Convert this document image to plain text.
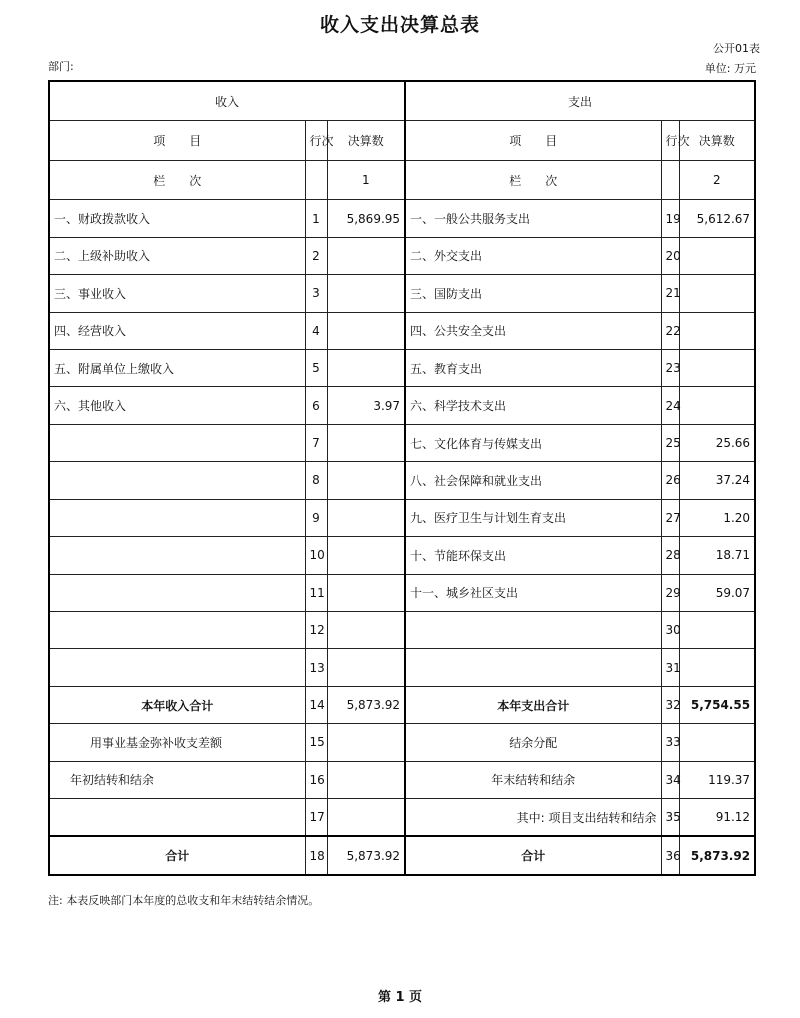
收入支出决算总表
公开01表
部门:	单位: 万元
收入			支出		
项　　目	行次	决算数	项　　目	行次	决算数
栏　　次		1	栏　　次		2
一、财政拨款收入	1	5,869.95	一、一般公共服务支出	19	5,612.67
二、上级补助收入	2		二、外交支出	20	
三、事业收入	3		三、国防支出	21	
四、经营收入	4		四、公共安全支出	22	
五、附属单位上缴收入	5		五、教育支出	23	
六、其他收入	6	3.97	六、科学技术支出	24	
	7		七、文化体育与传媒支出	25	25.66
	8		八、社会保障和就业支出	26	37.24
	9		九、医疗卫生与计划生育支出	27	1.20
	10		十、节能环保支出	28	18.71
	11		十一、城乡社区支出	29	59.07
	12			30	
	13			31	
本年收入合计	14	5,873.92	本年支出合计	32	5,754.55
用事业基金弥补收支差额	15		结余分配	33	
年初结转和结余	16		年末结转和结余	34	119.37
	17		其中: 项目支出结转和结余	35	91.12
合计	18	5,873.92	合计	36	5,873.92
注: 本表反映部门本年度的总收支和年末结转结余情况。
第 1 页
